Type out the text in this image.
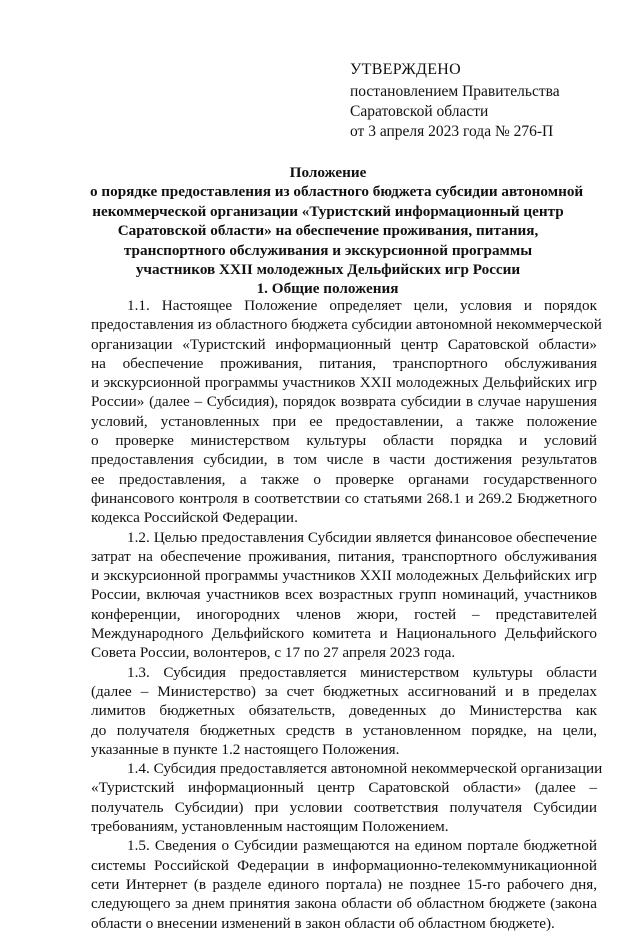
УТВЕРЖДЕНО
постановлением Правительства
Саратовской области
от 3 апреля 2023 года № 276-П
Положение
о порядке предоставления из областного бюджета субсидии автономной
некоммерческой организации «Туристский информационный центр
Саратовской области» на обеспечение проживания, питания,
транспортного обслуживания и экскурсионной программы
участников XXII молодежных Дельфийских игр России
1. Общие положения
1.1. Настоящее Положение определяет цели, условия и порядок
предоставления из областного бюджета субсидии автономной некоммерческой
организации «Туристский информационный центр Саратовской области»
на обеспечение проживания, питания, транспортного обслуживания
и экскурсионной программы участников XXII молодежных Дельфийских игр
России» (далее – Субсидия), порядок возврата субсидии в случае нарушения
условий, установленных при ее предоставлении, а также положение
о проверке министерством культуры области порядка и условий
предоставления субсидии, в том числе в части достижения результатов
ее предоставления, а также о проверке органами государственного
финансового контроля в соответствии со статьями 268.1 и 269.2 Бюджетного
кодекса Российской Федерации.
1.2. Целью предоставления Субсидии является финансовое обеспечение
затрат на обеспечение проживания, питания, транспортного обслуживания
и экскурсионной программы участников XXII молодежных Дельфийских игр
России, включая участников всех возрастных групп номинаций, участников
конференции, иногородних членов жюри, гостей – представителей
Международного Дельфийского комитета и Национального Дельфийского
Совета России, волонтеров, с 17 по 27 апреля 2023 года.
1.3. Субсидия предоставляется министерством культуры области
(далее – Министерство) за счет бюджетных ассигнований и в пределах
лимитов бюджетных обязательств, доведенных до Министерства как
до получателя бюджетных средств в установленном порядке, на цели,
указанные в пункте 1.2 настоящего Положения.
1.4. Субсидия предоставляется автономной некоммерческой организации
«Туристский информационный центр Саратовской области» (далее –
получатель Субсидии) при условии соответствия получателя Субсидии
требованиям, установленным настоящим Положением.
1.5. Сведения о Субсидии размещаются на едином портале бюджетной
системы Российской Федерации в информационно-телекоммуникационной
сети Интернет (в разделе единого портала) не позднее 15-го рабочего дня,
следующего за днем принятия закона области об областном бюджете (закона
области о внесении изменений в закон области об областном бюджете).
